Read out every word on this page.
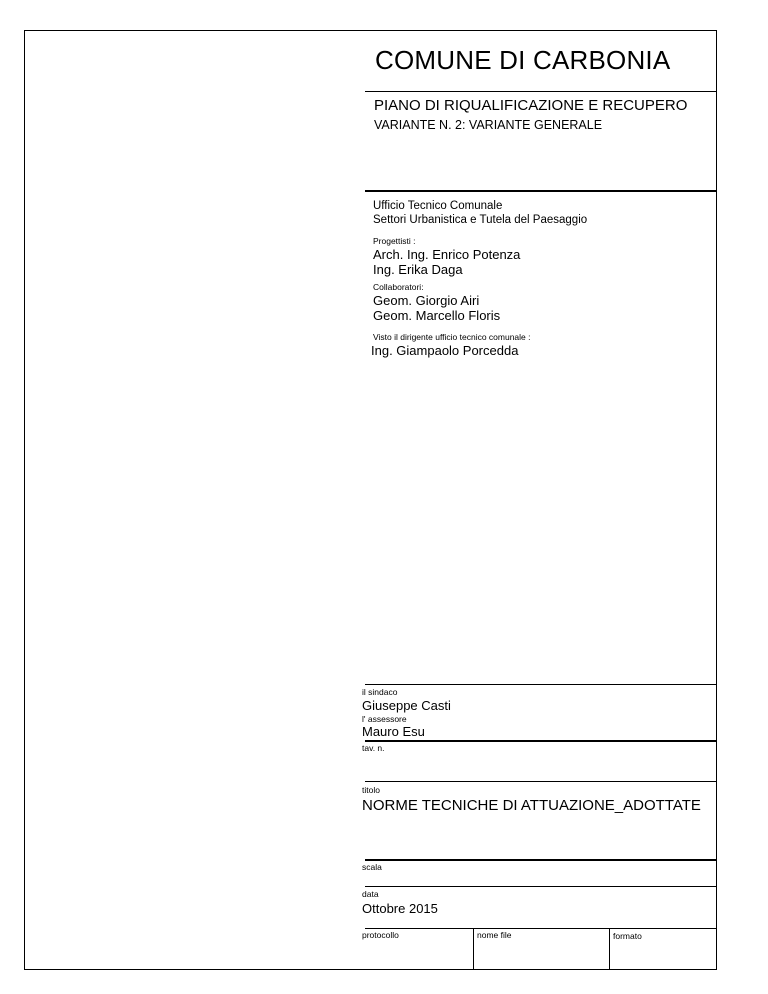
COMUNE DI CARBONIA
PIANO DI RIQUALIFICAZIONE E RECUPERO
VARIANTE N. 2: VARIANTE GENERALE
Ufficio Tecnico Comunale
Settori Urbanistica e Tutela del Paesaggio
Progettisti :
Arch. Ing. Enrico Potenza
Ing. Erika Daga
Collaboratori:
Geom. Giorgio Airi
Geom. Marcello Floris
Visto il dirigente ufficio tecnico comunale :
Ing. Giampaolo Porcedda
il sindaco
Giuseppe Casti
l' assessore
Mauro Esu
tav. n.
titolo
NORME TECNICHE DI ATTUAZIONE_ADOTTATE
scala
data
Ottobre 2015
protocollo	nome file	formato
